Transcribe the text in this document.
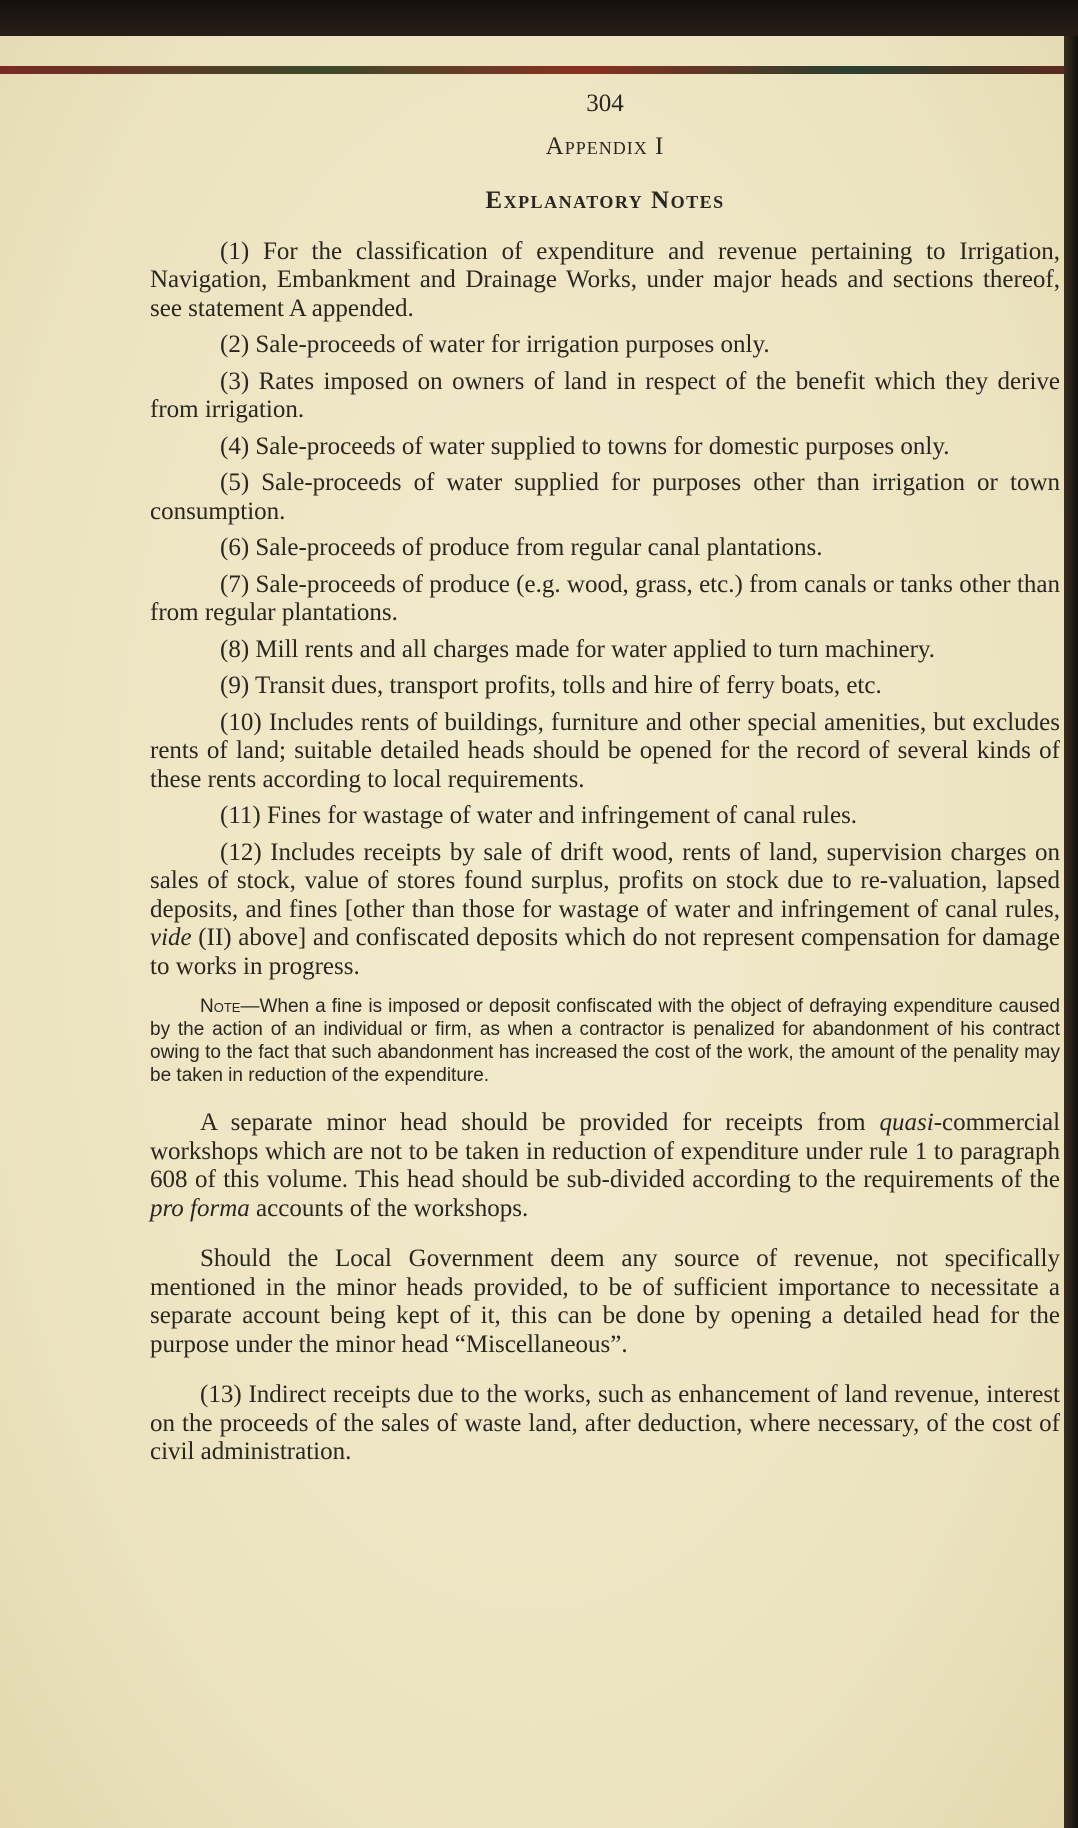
304
Appendix I
Explanatory Notes

(1) For the classification of expenditure and revenue pertaining to Irrigation, Navigation, Embankment and Drainage Works, under major heads and sections thereof, see statement A appended.

(2) Sale-proceeds of water for irrigation purposes only.

(3) Rates imposed on owners of land in respect of the benefit which they derive from irrigation.

(4) Sale-proceeds of water supplied to towns for domestic purposes only.

(5) Sale-proceeds of water supplied for purposes other than irrigation or town consumption.

(6) Sale-proceeds of produce from regular canal plantations.

(7) Sale-proceeds of produce (e.g. wood, grass, etc.) from canals or tanks other than from regular plantations.

(8) Mill rents and all charges made for water applied to turn machinery.

(9) Transit dues, transport profits, tolls and hire of ferry boats, etc.

(10) Includes rents of buildings, furniture and other special amenities, but excludes rents of land; suitable detailed heads should be opened for the record of several kinds of these rents according to local requirements.

(11) Fines for wastage of water and infringement of canal rules.

(12) Includes receipts by sale of drift wood, rents of land, supervision charges on sales of stock, value of stores found surplus, profits on stock due to re-valuation, lapsed deposits, and fines [other than those for wastage of water and infringement of canal rules, vide (II) above] and confiscated deposits which do not represent compensation for damage to works in progress.

Note—When a fine is imposed or deposit confiscated with the object of defraying expenditure caused by the action of an individual or firm, as when a contractor is penalized for abandonment of his contract owing to the fact that such abandonment has increased the cost of the work, the amount of the penality may be taken in reduction of the expenditure.

A separate minor head should be provided for receipts from quasi-commercial workshops which are not to be taken in reduction of expenditure under rule 1 to paragraph 608 of this volume. This head should be sub-divided according to the requirements of the pro forma accounts of the workshops.

Should the Local Government deem any source of revenue, not specifically mentioned in the minor heads provided, to be of sufficient importance to necessitate a separate account being kept of it, this can be done by opening a detailed head for the purpose under the minor head “Miscellaneous”.

(13) Indirect receipts due to the works, such as enhancement of land revenue, interest on the proceeds of the sales of waste land, after deduction, where necessary, of the cost of civil administration.
